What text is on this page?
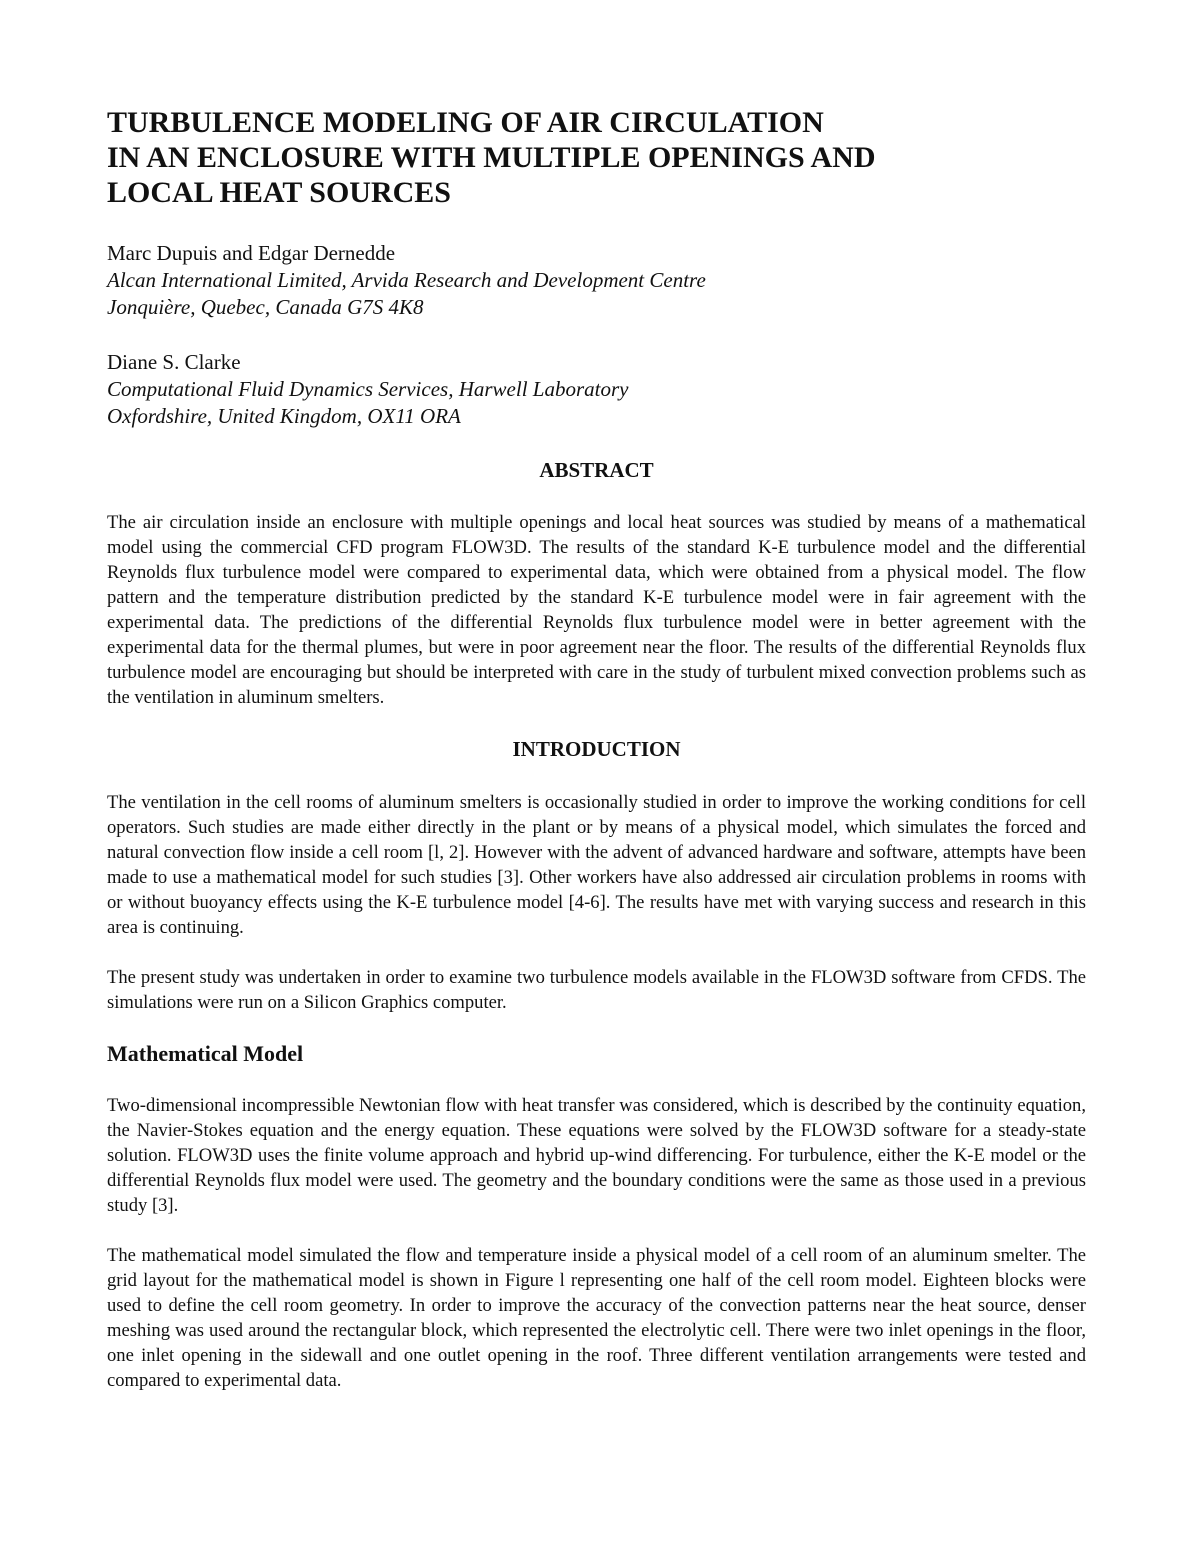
TURBULENCE MODELING OF AIR CIRCULATION
IN AN ENCLOSURE WITH MULTIPLE OPENINGS AND
LOCAL HEAT SOURCES

Marc Dupuis and Edgar Dernedde

Alcan International Limited, Arvida Research and Development Centre
Jonquière, Quebec, Canada G7S 4K8

Diane S. Clarke

Computational Fluid Dynamics Services, Harwell Laboratory
Oxfordshire, United Kingdom, OX11 ORA

ABSTRACT

The air circulation inside an enclosure with multiple openings and local heat sources was studied by means of a mathematical model using the commercial CFD program FLOW3D. The results of the standard K-E turbulence model and the differential Reynolds flux turbulence model were compared to experimental data, which were obtained from a physical model. The flow pattern and the temperature distribution predicted by the standard K-E turbulence model were in fair agreement with the experimental data. The predictions of the differential Reynolds flux turbulence model were in better agreement with the experimental data for the thermal plumes, but were in poor agreement near the floor. The results of the differential Reynolds flux turbulence model are encouraging but should be interpreted with care in the study of turbulent mixed convection problems such as the ventilation in aluminum smelters.

INTRODUCTION

The ventilation in the cell rooms of aluminum smelters is occasionally studied in order to improve the working conditions for cell operators. Such studies are made either directly in the plant or by means of a physical model, which simulates the forced and natural convection flow inside a cell room [l, 2]. However with the advent of advanced hardware and software, attempts have been made to use a mathematical model for such studies [3]. Other workers have also addressed air circulation problems in rooms with or without buoyancy effects using the K-E turbulence model [4-6]. The results have met with varying success and research in this area is continuing.

The present study was undertaken in order to examine two turbulence models available in the FLOW3D software from CFDS. The simulations were run on a Silicon Graphics computer.

Mathematical Model

Two-dimensional incompressible Newtonian flow with heat transfer was considered, which is described by the continuity equation, the Navier-Stokes equation and the energy equation. These equations were solved by the FLOW3D software for a steady-state solution. FLOW3D uses the finite volume approach and hybrid up-wind differencing. For turbulence, either the K-E model or the differential Reynolds flux model were used. The geometry and the boundary conditions were the same as those used in a previous study [3].

The mathematical model simulated the flow and temperature inside a physical model of a cell room of an aluminum smelter. The grid layout for the mathematical model is shown in Figure l representing one half of the cell room model. Eighteen blocks were used to define the cell room geometry. In order to improve the accuracy of the convection patterns near the heat source, denser meshing was used around the rectangular block, which represented the electrolytic cell. There were two inlet openings in the floor, one inlet opening in the sidewall and one outlet opening in the roof. Three different ventilation arrangements were tested and compared to experimental data.
